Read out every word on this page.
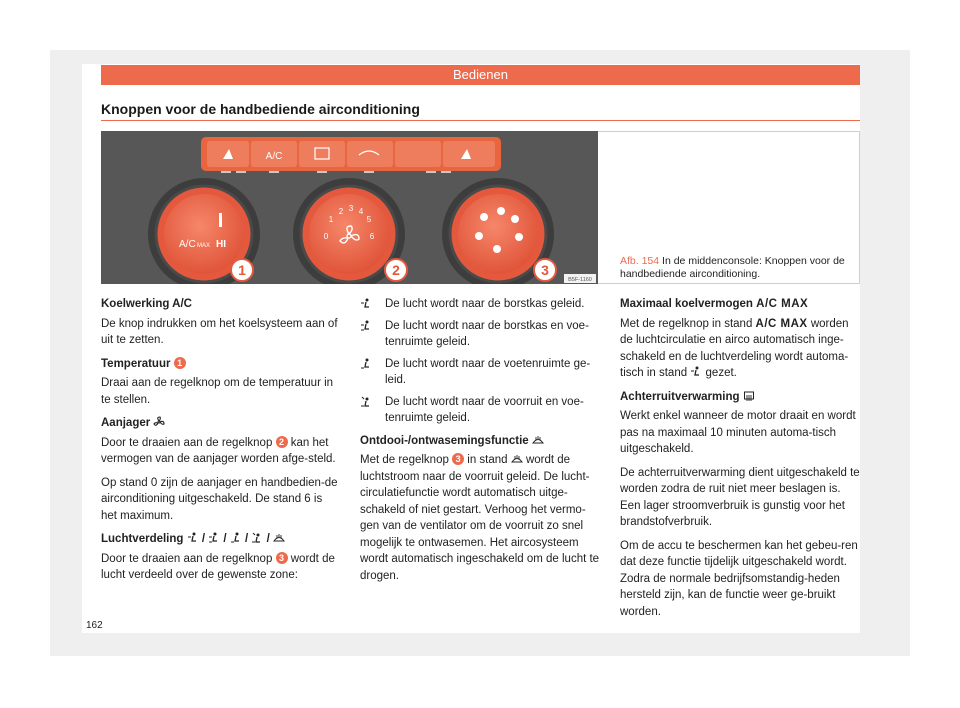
Bedienen
Knoppen voor de handbediende airconditioning
A/C
A/C MAX HI
0
1
2 3 4
5
6
1	2	3
B5F-1160
Afb. 154 In de middenconsole: Knoppen voor de handbediende airconditioning.

Koelwerking A/C

De knop indrukken om het koelsysteem aan of uit te zetten.

Temperatuur 1

Draai aan de regelknop om de temperatuur in te stellen.

Aanjager

Door te draaien aan de regelknop 2 kan het vermogen van de aanjager worden afge-steld.

Op stand 0 zijn de aanjager en handbedien-de airconditioning uitgeschakeld. De stand 6 is het maximum.

Luchtverdeling  /  /  /  /

Door te draaien aan de regelknop 3 wordt de lucht verdeeld over de gewenste zone:

De lucht wordt naar de borstkas geleid.
De lucht wordt naar de borstkas en voe-tenruimte geleid.
De lucht wordt naar de voetenruimte ge-leid.
De lucht wordt naar de voorruit en voe-tenruimte geleid.

Ontdooi-/ontwasemingsfunctie

Met de regelknop 3 in stand wordt de luchtstroom naar de voorruit geleid. De lucht-circulatiefunctie wordt automatisch uitge-schakeld of niet gestart. Verhoog het vermo-gen van de ventilator om de voorruit zo snel mogelijk te ontwasemen. Het aircosysteem wordt automatisch ingeschakeld om de lucht te drogen.

Maximaal koelvermogen A/C MAX

Met de regelknop in stand A/C MAX worden de luchtcirculatie en airco automatisch inge-schakeld en de luchtverdeling wordt automa-tisch in stand gezet.

Achterruitverwarming

Werkt enkel wanneer de motor draait en wordt pas na maximaal 10 minuten automa-tisch uitgeschakeld.

De achterruitverwarming dient uitgeschakeld te worden zodra de ruit niet meer beslagen is. Een lager stroomverbruik is gunstig voor het brandstofverbruik.

Om de accu te beschermen kan het gebeu-ren dat deze functie tijdelijk uitgeschakeld wordt. Zodra de normale bedrijfsomstandig-heden hersteld zijn, kan de functie weer ge-bruikt worden.

162
